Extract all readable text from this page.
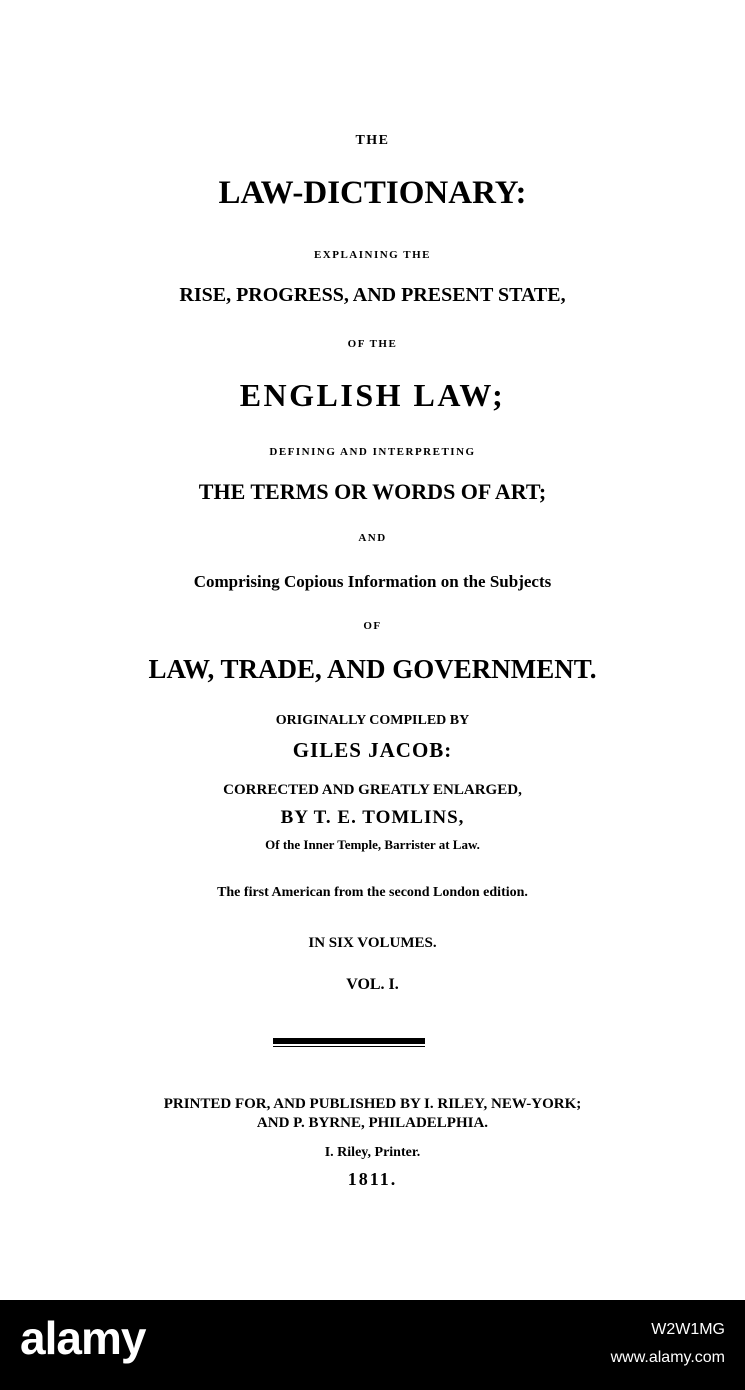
THE
LAW-DICTIONARY:
EXPLAINING THE
RISE, PROGRESS, AND PRESENT STATE,
OF THE
ENGLISH LAW;
DEFINING AND INTERPRETING
THE TERMS OR WORDS OF ART;
AND
Comprising Copious Information on the Subjects
OF
LAW, TRADE, AND GOVERNMENT.
ORIGINALLY COMPILED BY
GILES JACOB:
CORRECTED AND GREATLY ENLARGED,
BY T. E. TOMLINS,
Of the Inner Temple, Barrister at Law.
The first American from the second London edition.
IN SIX VOLUMES.
VOL. I.
PRINTED FOR, AND PUBLISHED BY I. RILEY, NEW-YORK;
AND P. BYRNE, PHILADELPHIA.
I. Riley, Printer.
1811.
alamy	W2W1MG
www.alamy.com
